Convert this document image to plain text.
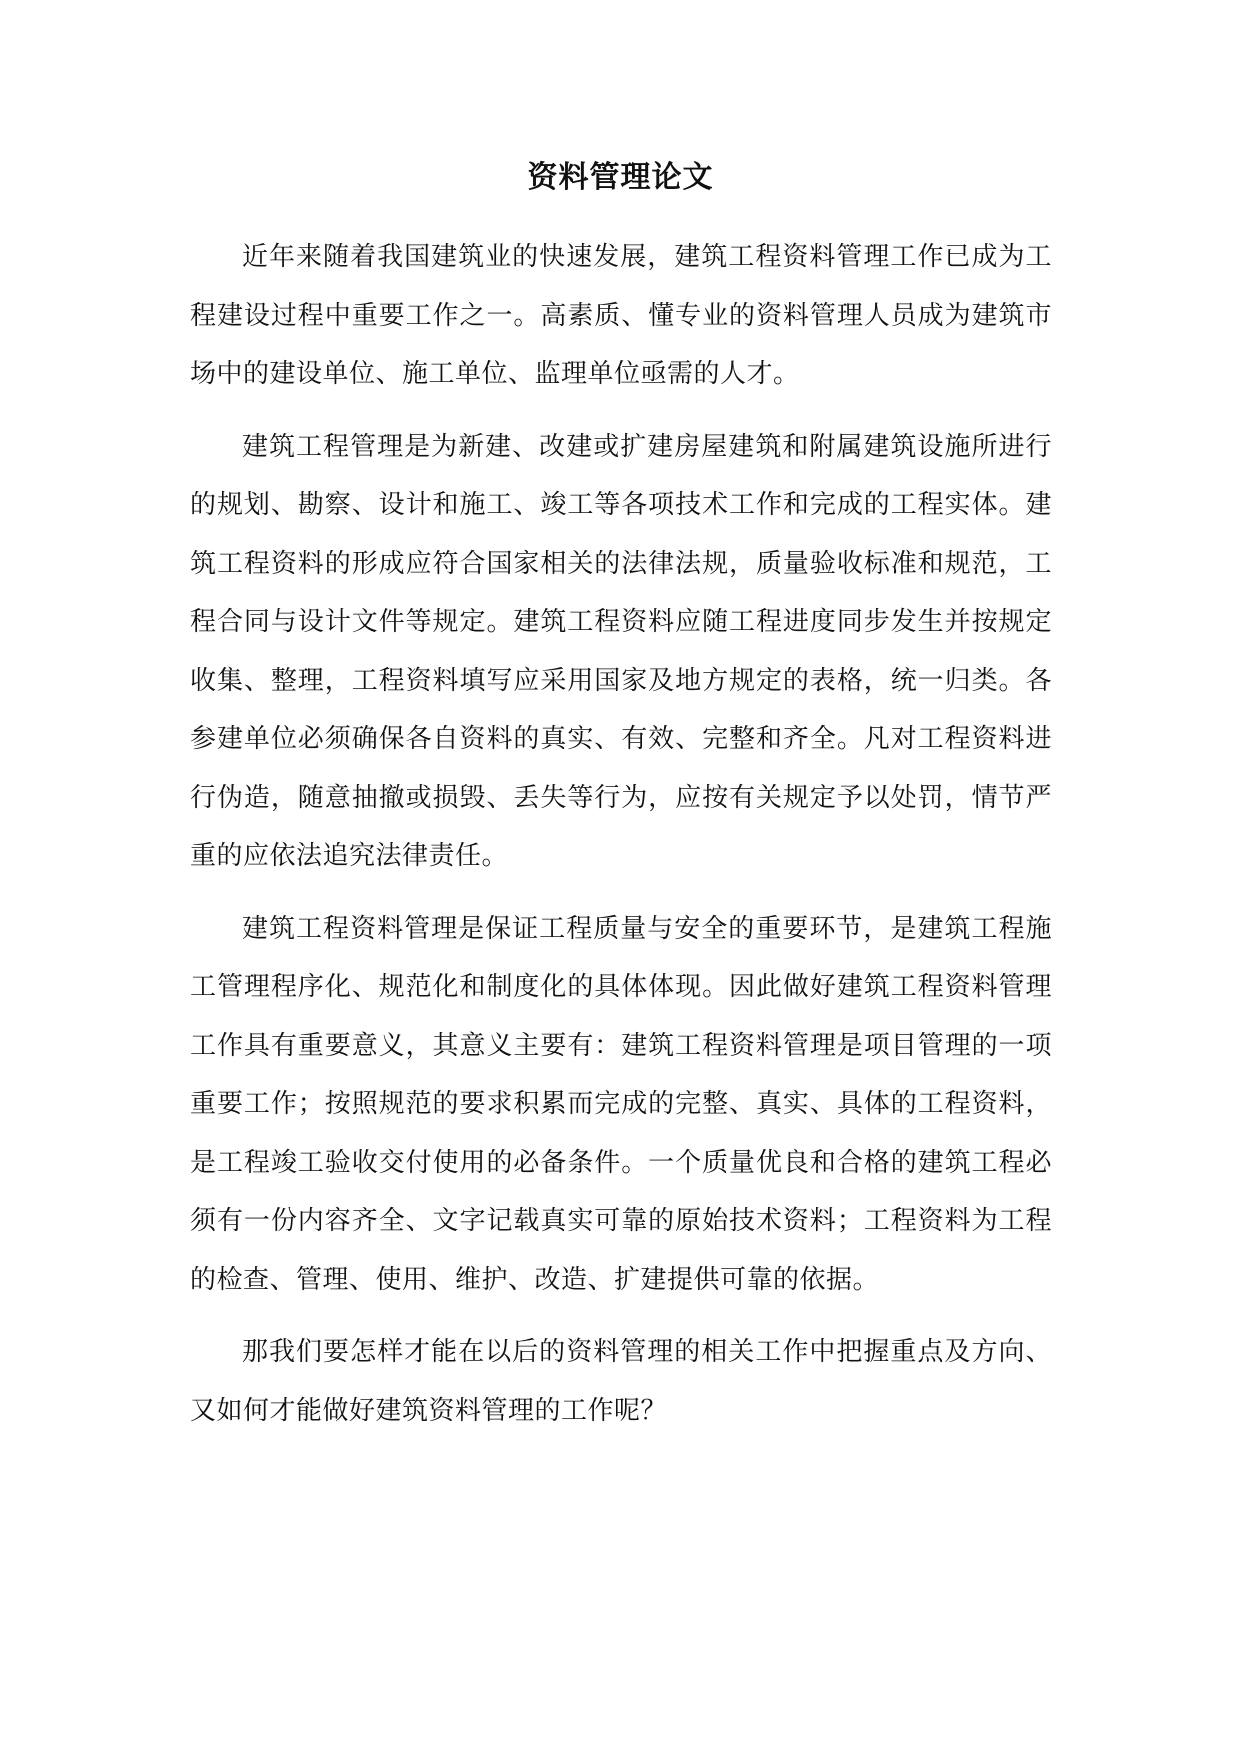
资料管理论文

近年来随着我国建筑业的快速发展，建筑工程资料管理工作已成为工程建设过程中重要工作之一。高素质、懂专业的资料管理人员成为建筑市场中的建设单位、施工单位、监理单位亟需的人才。

建筑工程管理是为新建、改建或扩建房屋建筑和附属建筑设施所进行的规划、勘察、设计和施工、竣工等各项技术工作和完成的工程实体。建筑工程资料的形成应符合国家相关的法律法规，质量验收标准和规范，工程合同与设计文件等规定。建筑工程资料应随工程进度同步发生并按规定收集、整理，工程资料填写应采用国家及地方规定的表格，统一归类。各参建单位必须确保各自资料的真实、有效、完整和齐全。凡对工程资料进行伪造，随意抽撤或损毁、丢失等行为，应按有关规定予以处罚，情节严重的应依法追究法律责任。

建筑工程资料管理是保证工程质量与安全的重要环节，是建筑工程施工管理程序化、规范化和制度化的具体体现。因此做好建筑工程资料管理工作具有重要意义，其意义主要有：建筑工程资料管理是项目管理的一项重要工作；按照规范的要求积累而完成的完整、真实、具体的工程资料，是工程竣工验收交付使用的必备条件。一个质量优良和合格的建筑工程必须有一份内容齐全、文字记载真实可靠的原始技术资料；工程资料为工程的检查、管理、使用、维护、改造、扩建提供可靠的依据。

那我们要怎样才能在以后的资料管理的相关工作中把握重点及方向、又如何才能做好建筑资料管理的工作呢？
